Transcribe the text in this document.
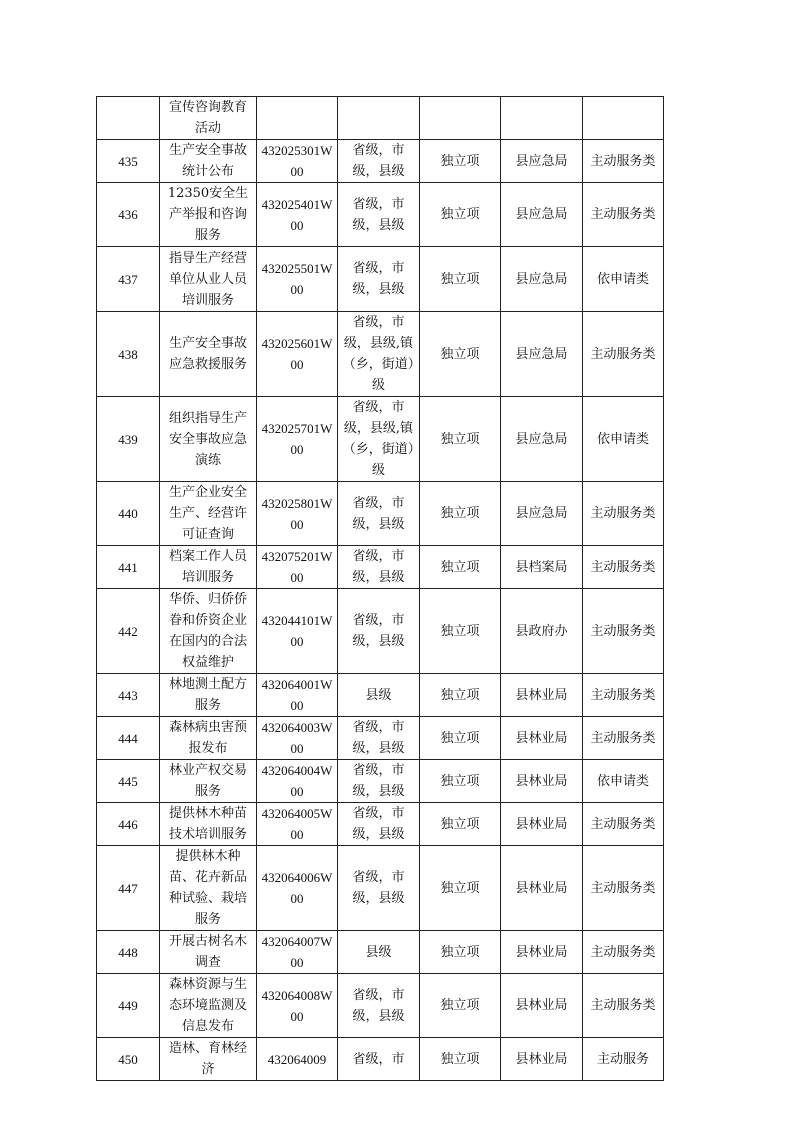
	宣传咨询教育活动					
435	生产安全事故统计公布	432025301W00	省级，市级，县级	独立项	县应急局	主动服务类
436	12350安全生产举报和咨询服务	432025401W00	省级，市级，县级	独立项	县应急局	主动服务类
437	指导生产经营单位从业人员培训服务	432025501W00	省级，市级，县级	独立项	县应急局	依申请类
438	生产安全事故应急救援服务	432025601W00	省级，市级，县级,镇（乡，街道）级	独立项	县应急局	主动服务类
439	组织指导生产安全事故应急演练	432025701W00	省级，市级，县级,镇（乡，街道）级	独立项	县应急局	依申请类
440	生产企业安全生产、经营许可证查询	432025801W00	省级，市级，县级	独立项	县应急局	主动服务类
441	档案工作人员培训服务	432075201W00	省级，市级，县级	独立项	县档案局	主动服务类
442	华侨、归侨侨眷和侨资企业在国内的合法权益维护	432044101W00	省级，市级，县级	独立项	县政府办	主动服务类
443	林地测土配方服务	432064001W00	县级	独立项	县林业局	主动服务类
444	森林病虫害预报发布	432064003W00	省级，市级，县级	独立项	县林业局	主动服务类
445	林业产权交易服务	432064004W00	省级，市级，县级	独立项	县林业局	依申请类
446	提供林木种苗技术培训服务	432064005W00	省级，市级，县级	独立项	县林业局	主动服务类
447	提供林木种苗、花卉新品种试验、栽培服务	432064006W00	省级，市级，县级	独立项	县林业局	主动服务类
448	开展古树名木调查	432064007W00	县级	独立项	县林业局	主动服务类
449	森林资源与生态环境监测及信息发布	432064008W00	省级，市级，县级	独立项	县林业局	主动服务类
450	造林、育林经济	432064009	省级，市	独立项	县林业局	主动服务
